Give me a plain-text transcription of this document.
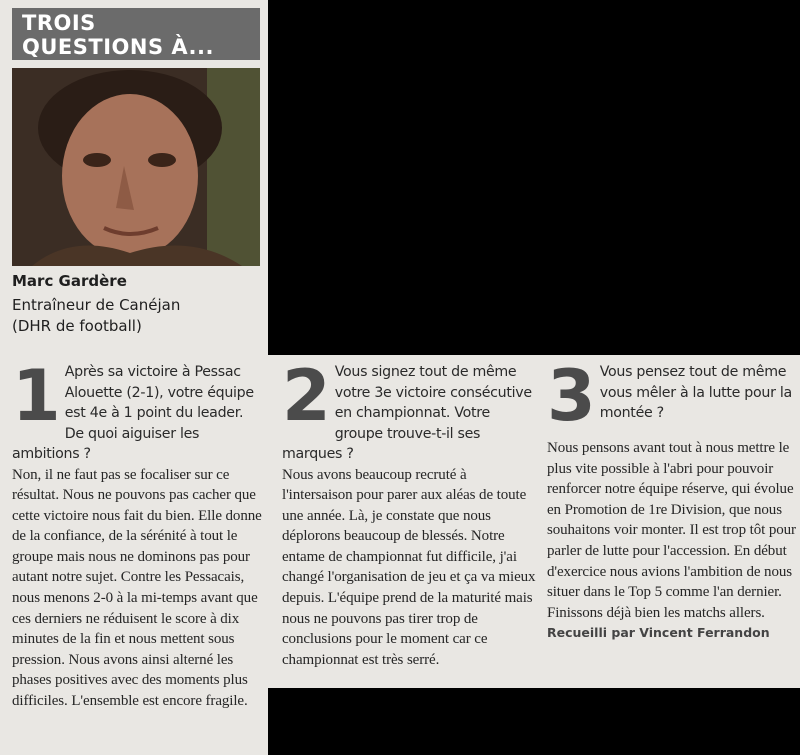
TROIS
QUESTIONS À...
Marc Gardère
Entraîneur de Canéjan
(DHR de football)
1 Après sa victoire à Pessac Alouette (2-1), votre équipe est 4e à 1 point du leader. De quoi aiguiser les ambitions ?

Non, il ne faut pas se focaliser sur ce résultat. Nous ne pouvons pas cacher que cette victoire nous fait du bien. Elle donne de la confiance, de la sérénité à tout le groupe mais nous ne dominons pas pour autant notre sujet. Contre les Pessacais, nous menons 2-0 à la mi-temps avant que ces derniers ne réduisent le score à dix minutes de la fin et nous mettent sous pression. Nous avons ainsi alterné les phases positives avec des moments plus difficiles. L'ensemble est encore fragile.

2 Vous signez tout de même votre 3e victoire consécutive en championnat. Votre groupe trouve-t-il ses marques ?

Nous avons beaucoup recruté à l'intersaison pour parer aux aléas de toute une année. Là, je constate que nous déplorons beaucoup de blessés. Notre entame de championnat fut difficile, j'ai changé l'organisation de jeu et ça va mieux depuis. L'équipe prend de la maturité mais nous ne pouvons pas tirer trop de conclusions pour le moment car ce championnat est très serré.

3 Vous pensez tout de même vous mêler à la lutte pour la montée ?

Nous pensons avant tout à nous mettre le plus vite possible à l'abri pour pouvoir renforcer notre équipe réserve, qui évolue en Promotion de 1re Division, que nous souhaitons voir monter. Il est trop tôt pour parler de lutte pour l'accession. En début d'exercice nous avions l'ambition de nous situer dans le Top 5 comme l'an dernier. Finissons déjà bien les matchs allers.

Recueilli par Vincent Ferrandon
